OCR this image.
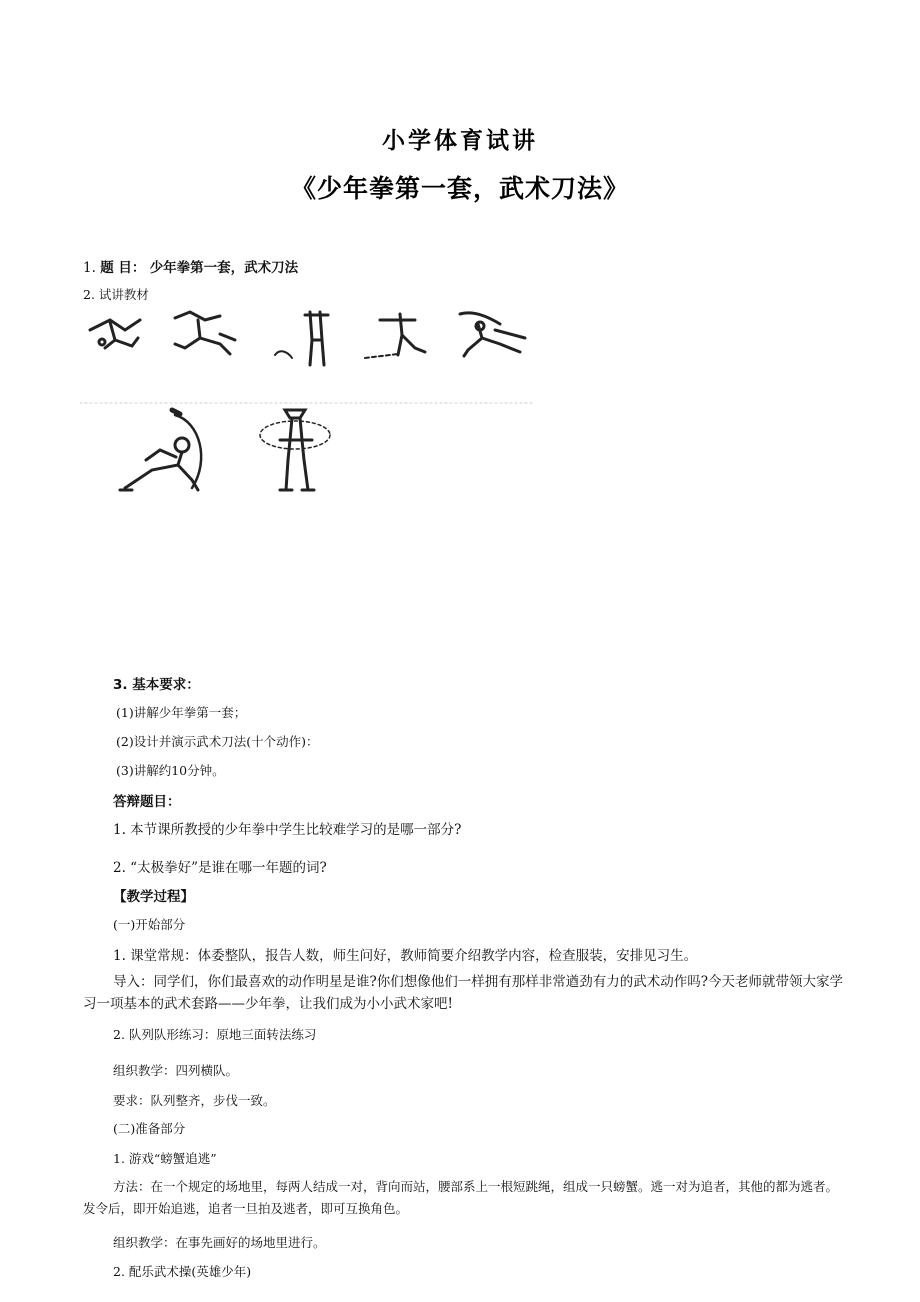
小学体育试讲
《少年拳第一套，武术刀法》
1. 题 目： 少年拳第一套，武术刀法
2. 试讲教材
3. 基本要求：
(1)讲解少年拳第一套；
(2)设计并演示武术刀法(十个动作)：
(3)讲解约10分钟。
答辩题目：
1. 本节课所教授的少年拳中学生比较难学习的是哪一部分?
2. “太极拳好”是谁在哪一年题的词?
【教学过程】
(一)开始部分
1. 课堂常规：体委整队，报告人数，师生问好，教师简要介绍教学内容，检查服装，安排见习生。
导入：同学们，你们最喜欢的动作明星是谁?你们想像他们一样拥有那样非常遒劲有力的武术动作吗?今天老师就带领大家学习一项基本的武术套路——少年拳，让我们成为小小武术家吧!
2. 队列队形练习：原地三面转法练习
组织教学：四列横队。
要求：队列整齐，步伐一致。
(二)准备部分
1. 游戏“螃蟹追逃”
方法：在一个规定的场地里，每两人结成一对，背向而站，腰部系上一根短跳绳，组成一只螃蟹。逃一对为追者，其他的都为逃者。发令后，即开始追逃，追者一旦拍及逃者，即可互换角色。
组织教学：在事先画好的场地里进行。
2. 配乐武术操(英雄少年)
